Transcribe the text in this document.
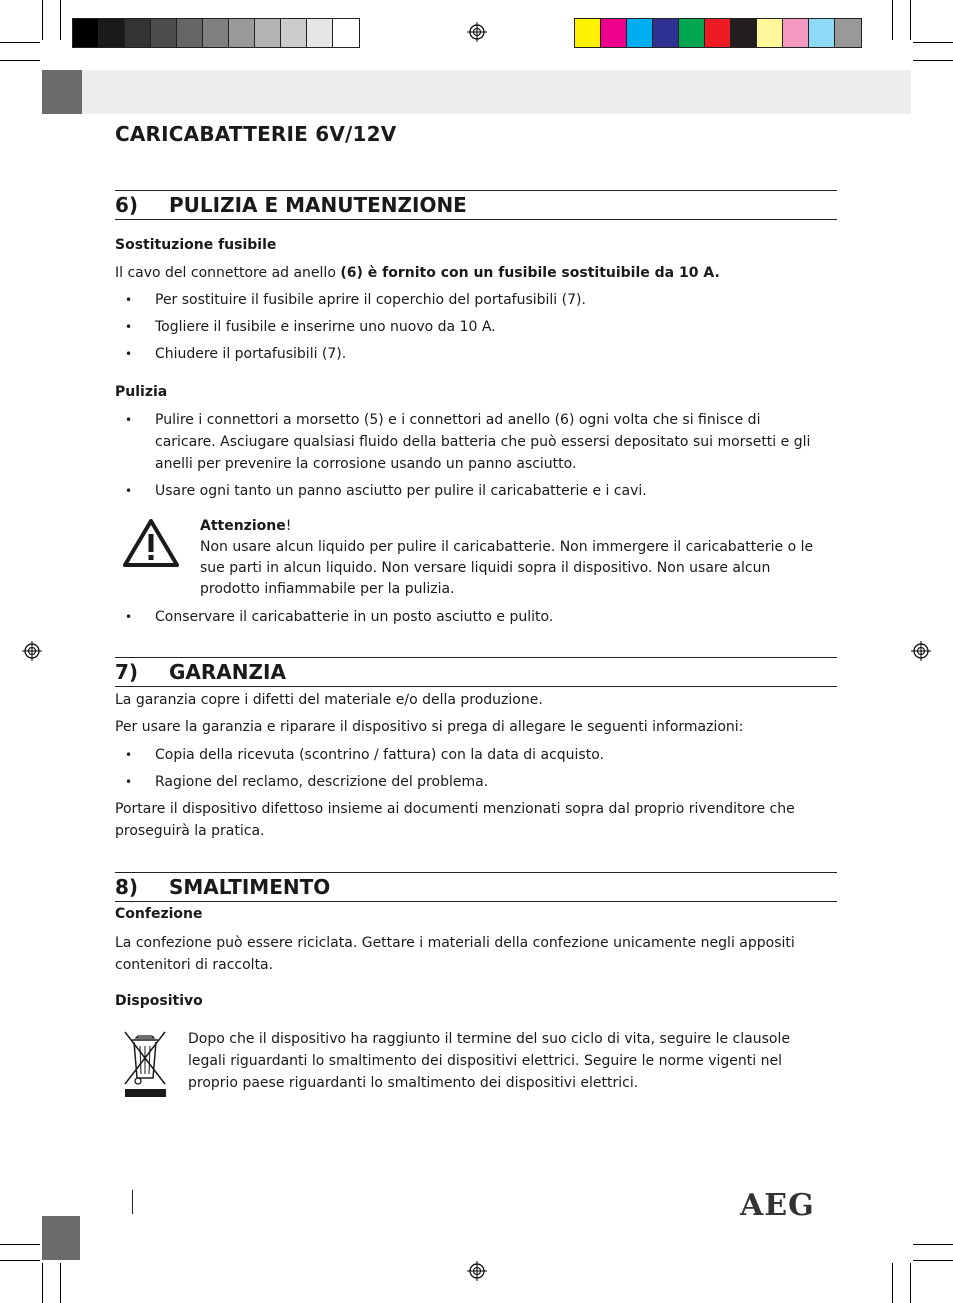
CARICABATTERIE 6V/12V
6) PULIZIA E MANUTENZIONE
Sostituzione fusibile
Il cavo del connettore ad anello (6) è fornito con un fusibile sostituibile da 10 A.
• Per sostituire il fusibile aprire il coperchio del portafusibili (7).
• Togliere il fusibile e inserirne uno nuovo da 10 A.
• Chiudere il portafusibili (7).
Pulizia
• Pulire i connettori a morsetto (5) e i connettori ad anello (6) ogni volta che si finisce di caricare. Asciugare qualsiasi fluido della batteria che può essersi depositato sui morsetti e gli anelli per prevenire la corrosione usando un panno asciutto.
• Usare ogni tanto un panno asciutto per pulire il caricabatterie e i cavi.
Attenzione!
Non usare alcun liquido per pulire il caricabatterie. Non immergere il caricabatterie o le sue parti in alcun liquido. Non versare liquidi sopra il dispositivo. Non usare alcun prodotto infiammabile per la pulizia.
• Conservare il caricabatterie in un posto asciutto e pulito.
7) GARANZIA
La garanzia copre i difetti del materiale e/o della produzione.
Per usare la garanzia e riparare il dispositivo si prega di allegare le seguenti informazioni:
• Copia della ricevuta (scontrino / fattura) con la data di acquisto.
• Ragione del reclamo, descrizione del problema.
Portare il dispositivo difettoso insieme ai documenti menzionati sopra dal proprio rivenditore che proseguirà la pratica.
8) SMALTIMENTO
Confezione
La confezione può essere riciclata. Gettare i materiali della confezione unicamente negli appositi contenitori di raccolta.
Dispositivo
Dopo che il dispositivo ha raggiunto il termine del suo ciclo di vita, seguire le clausole legali riguardanti lo smaltimento dei dispositivi elettrici. Seguire le norme vigenti nel proprio paese riguardanti lo smaltimento dei dispositivi elettrici.
AEG
